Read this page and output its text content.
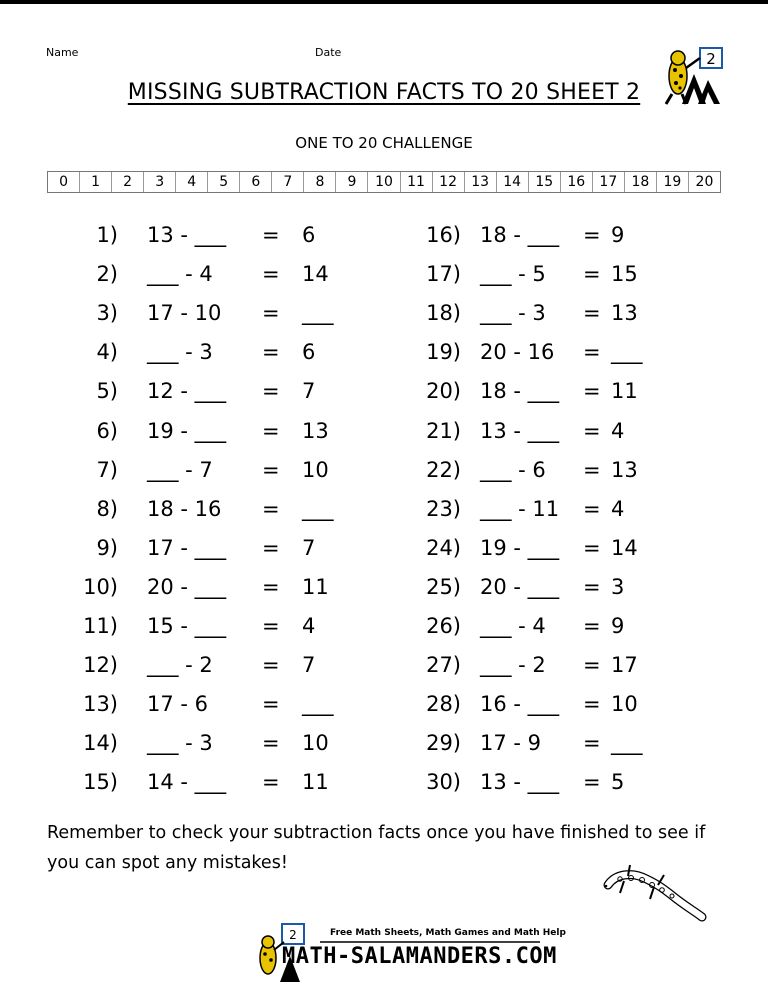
Name	Date
MISSING SUBTRACTION FACTS TO 20 SHEET 2
2
ONE TO 20 CHALLENGE
0	1	2	3	4	5	6	7	8	9	10	11	12	13	14	15	16	17	18	19	20
1) 13 - ___ = 6
2) ___ - 4 = 14
3) 17 - 10 = ___
4) ___ - 3 = 6
5) 12 - ___ = 7
6) 19 - ___ = 13
7) ___ - 7 = 10
8) 18 - 16 = ___
9) 17 - ___ = 7
10) 20 - ___ = 11
11) 15 - ___ = 4
12) ___ - 2 = 7
13) 17 - 6	= ___
14) ___ - 3 = 10
15) 14 - ___ = 11
16) 18 - ___ = 9
17) ___ - 5 = 15
18) ___ - 3 = 13
19) 20 - 16 = ___
20) 18 - ___ = 11
21) 13 - ___ = 4
22) ___ - 6 = 13
23) ___ - 11 = 4
24) 19 - ___ = 14
25) 20 - ___ = 3
26) ___ - 4 = 9
27) ___ - 2 = 17
28) 16 - ___ = 10
29) 17 - 9 = ___
30) 13 - ___ = 5
Remember to check your subtraction facts once you have finished to see if you can spot any mistakes!
2	Free Math Sheets, Math Games and Math Help
MATH-SALAMANDERS.COM
